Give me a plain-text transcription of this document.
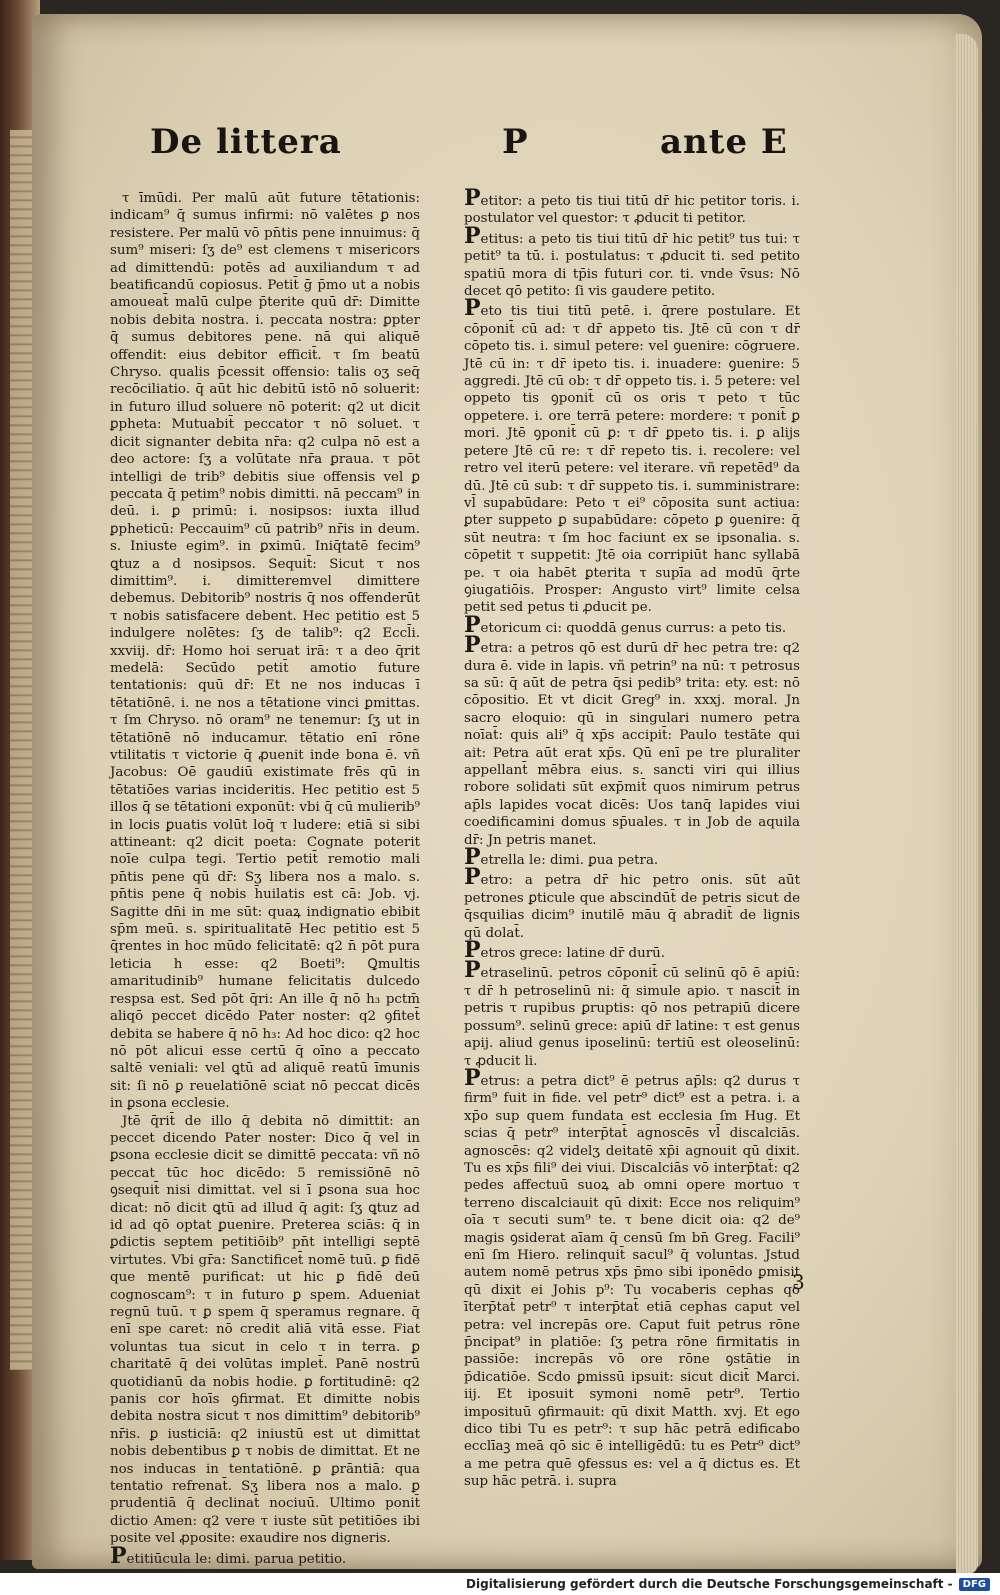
De littera	P	ante E

τ īmūdi. Per malū aūt future tētationis: indicam⁹ q̄ sumus infirmi: nō valētes ꝑ nos resistere. Per malū vō pn̄tis pene innuimus: q̄ sum⁹ miseri: ſʒ de⁹ est clemens τ misericors ad dimittendū: potēs ad auxiliandum τ ad beatificandū copiosus. Petit̄ ḡ p̄mo ut a nobis amoueat̄ malū culpe p̄terite quū dr̄: Dimitte nobis debita nostra. i. peccata nostra: ꝑpter q̄ sumus debitores pene. nā qui aliquē offendit: eius debitor efficit̄. τ ſm beatū Chryso. qualis p̄cessit offensio: talis oʒ seq̄ recōciliatio. q̄ aūt hic debitū istō nō soluerit: in futuro illud soluere nō poterit: q2 ut dicit ꝑpheta: Mutuabit̄ peccator τ nō soluet. τ dicit signanter debita nr̄a: q2 culpa nō est a deo actore: ſʒ a volūtate nr̄a ꝑraua. τ pōt intelligi de trib⁹ debitis siue offensis vel ꝑ peccata q̄ petim⁹ nobis dimitti. nā peccam⁹ in deū. i. ꝑ primū: i. nosipsos: iuxta illud ꝑpheticū: Peccauim⁹ cū patrib⁹ nr̄is in deum. s. Iniuste egim⁹. in ꝑximū. Iniq̄tatē fecim⁹ ꝗtuz a d nosipsos. Sequit̄: Sicut τ nos dimittim⁹. i. dimitteremvel dimittere debemus. Debitorib⁹ nostris q̄ nos offenderūt τ nobis satisfacere debent. Hec petitio est 5 indulgere nolētes: ſʒ de talib⁹: q2 Eccl̄i. xxviij. dr̄: Homo hoi seruat irā: τ a deo q̄rit medelā: Secūdo petit̄ amotio future tentationis: quū dr̄: Et ne nos inducas ī tētatiōnē. i. ne nos a tētatione vinci ꝑmittas. τ ſm Chryso. nō oram⁹ ne tenemur: ſʒ ut in tētatiōnē nō inducamur. tētatio enī rōne vtilitatis τ victorie q̄ ꝓuenit inde bona ē. vñ Jacobus: Oē gaudiū existimate frēs qū in tētatiōes varias incideritis. Hec petitio est 5 illos q̄ se tētationi exponūt: vbi q̄ cū mulierib⁹ in locis ꝑuatis volūt loq̄ τ ludere: etiā si sibi attineant: q2 dicit poeta: Cognate poterit noīe culpa tegi. Tertio petit̄ remotio mali pn̄tis pene qū dr̄: Sʒ libera nos a malo. s. pn̄tis pene q̄ nobis h̄uilatis est cā: Job. vj. Sagitte dn̄i in me sūt: quaꝝ indignatio ebibit sp̄m meū. s. spiritualitatē Hec petitio est 5 q̄rentes in hoc mūdo felicitatē: q2 n̄ pōt pura leticia h esse: q2 Boeti⁹: Ꝗmultis amaritudinib⁹ humane felicitatis dulcedo respsa est. Sed pōt q̄ri: An ille q̄ nō h₃ pctm̄ aliqō peccet dicēdo Pater noster: q2 ꝯfitet̄ debita se habere q̄ nō h₃: Ad hoc dico: q2 hoc nō pōt alicui esse certū q̄ oīno a peccato saltē veniali: vel ꝗtū ad aliquē reatū īmunis sit: ſi nō ꝑ reuelatiōnē sciat nō peccat dicēs in ꝑsona ecclesie.

Jtē q̄rit̄ de illo q̄ debita nō dimittit: an peccet dicendo Pater noster: Dico q̄ vel in ꝑsona ecclesie dicit se dimittē peccata: vñ nō peccat tūc hoc dicēdo: 5 remissiōnē nō ꝯsequit̄ nisi dimittat. vel si ī ꝑsona sua hoc dicat: nō dicit ꝗtū ad illud q̄ agit: ſʒ ꝗtuz ad id ad qō optat ꝑuenire. Preterea sciās: q̄ in ꝑdictis septem petitiōib⁹ pn̄t intelligi septē virtutes. Vbi gr̄a: Sanctificet̄ nomē tuū. ꝑ fidē que mentē purificat: ut hic ꝑ fidē deū cognoscam⁹: τ in futuro ꝑ spem. Adueniat regnū tuū. τ ꝑ spem q̄ speramus regnare. q̄ enī spe caret: nō credit aliā vitā esse. Fiat voluntas tua sicut in celo τ in terra. ꝑ charitatē q̄ dei volūtas implet̄. Panē nostrū quotidianū da nobis hodie. ꝑ fortitudinē: q2 panis cor hoīs ꝯfirmat. Et dimitte nobis debita nostra sicut τ nos dimittim⁹ debitorib⁹ nr̄is. ꝑ iusticiā: q2 iniustū est ut dimittat nobis debentibus ꝑ τ nobis de dimittat. Et ne nos inducas in tentatiōnē. ꝑ ꝑrāntiā: qua tentatio refrenat̄. Sʒ libera nos a malo. ꝑ prudentiā q̄ declinat̄ nociuū. Ultimo ponit̄ dictio Amen: q2 vere τ iuste sūt petitiōes ibi posite vel ꝓposite: exaudire nos digneris.

Petitiūcula le: dimi. parua petitio.

Petitor: a peto tis tiui titū dr̄ hic petitor toris. i. postulator vel questor: τ ꝓducit ti petitor.

Petitus: a peto tis tiui titū dr̄ hic petit⁹ tus tui: τ petit⁹ ta tū. i. postulatus: τ ꝓducit ti. sed petito spatiū mora di tp̄is futuri cor. ti. vnde v̄sus: Nō decet qō petito: ſi vis gaudere petito.

Peto tis tiui titū petē. i. q̄rere postulare. Et cōponit̄ cū ad: τ dr̄ appeto tis. Jtē cū con τ dr̄ cōpeto tis. i. simul petere: vel ꝯuenire: cōgruere. Jtē cū in: τ dr̄ ipeto tis. i. inuadere: ꝯuenire: 5 aggredi. Jtē cū ob: τ dr̄ oppeto tis. i. 5 petere: vel oppeto tis ꝯponit̄ cū os oris τ peto τ tūc oppetere. i. ore terrā petere: mordere: τ ponit̄ ꝑ mori. Jtē ꝯponit̄ cū ꝑ: τ dr̄ ꝑpeto tis. i. ꝑ alijs petere Jtē cū re: τ dr̄ repeto tis. i. recolere: vel retro vel iterū petere: vel iterare. vñ repetēd⁹ da dū. Jtē cū sub: τ dr̄ suppeto tis. i. sumministrare: vl̄ supabūdare: Peto τ ei⁹ cōposita sunt actiua: ꝑter suppeto ꝑ supabūdare: cōpeto ꝑ ꝯuenire: q̄ sūt neutra: τ ſm hoc faciunt ex se ipsonalia. s. cōpetit τ suppetit: Jtē oia corripiūt hanc syllabā pe. τ oia habēt ꝑterita τ supīa ad modū q̄rte ꝯiugatiōis. Prosper: Angusto virt⁹ limite celsa petit sed petus ti ꝓducit pe.

Petoricum ci: quoddā genus currus: a peto tis.

Petra: a petros qō est durū dr̄ hec petra tre: q2 dura ē. vide in lapis. vñ petrin⁹ na nū: τ petrosus sa sū: q̄ aūt de petra q̄si pedib⁹ trita: ety. est: nō cōpositio. Et vt dicit Greg⁹ in. xxxj. moral. Jn sacro eloquio: qū in singulari numero petra noīat̄: quis ali⁹ q̄ xp̄s accipit̄: Paulo testāte qui ait: Petra aūt erat xp̄s. Qū enī pe tre pluraliter appellant̄ mēbra eius. s. sancti viri qui illius robore solidati sūt exp̄mit̄ quos nimirum petrus ap̄ls lapides vocat dicēs: Uos tanq̄ lapides viui coedificamini domus sp̄uales. τ in Job de aquila dr̄: Jn petris manet.

Petrella le: dimi. ꝑua petra.

Petro: a petra dr̄ hic petro onis. sūt aūt petrones ꝑticule que abscindūt̄ de petris sicut de q̄squilias dicim⁹ inutilē māu q̄ abradit̄ de lignis qū dolat̄.

Petros grece: latine dr̄ durū.

Petraselinū. petros cōponit̄ cū selinū qō ē apiū: τ dr̄ h petroselinū ni: q̄ simule apio. τ nascit̄ in petris τ rupibus ꝑruptis: qō nos petrapiū dicere possum⁹. selinū grece: apiū dr̄ latine: τ est genus apij. aliud genus iposelinū: tertiū est oleoselinū: τ ꝓducit li.

Petrus: a petra dict⁹ ē petrus ap̄ls: q2 durus τ firm⁹ fuit in fide. vel petr⁹ dict⁹ est a petra. i. a xp̄o sup quem fundata est ecclesia ſm Hug. Et scias q̄ petr⁹ interp̄tat̄ agnoscēs vl̄ discalciās. agnoscēs: q2 videlʒ deitatē xp̄i agnouit qū dixit. Tu es xp̄s fili⁹ dei viui. Discalciās vō interp̄tat̄: q2 pedes affectuū suoꝝ ab omni opere mortuo τ terreno discalciauit qū dixit: Ecce nos reliquim⁹ oīa τ secuti sum⁹ te. τ bene dicit oia: q2 de⁹ magis ꝯsiderat aīam q̄ censū ſm bn̄ Greg. Facili⁹ enī ſm Hiero. relinquit̄ sacul⁹ q̄ voluntas. Jstud autem nomē petrus xp̄s p̄mo sibi iponēdo ꝑmisit qū dixit ei Johis p⁹: Tu vocaberis cephas qō īterp̄tat̄ petr⁹ τ interp̄tat̄ etiā cephas caput vel petra: vel increpās ore. Caput fuit petrus rōne p̄ncipat⁹ in platiōe: ſʒ petra rōne firmitatis in passiōe: increpās vō ore rōne ꝯstātie in p̄dicatiōe. Scdo ꝑmissū ipsuit: sicut dicit̄ Marci. iij. Et iposuit symoni nomē petr⁹. Tertio imposituū ꝯfirmauit: qū dixit Matth. xvj. Et ego dico tibi Tu es petr⁹: τ sup hāc petrā edificabo ecclīaꝫ meā qō sic ē intelligēdū: tu es Petr⁹ dict⁹ a me petra quē ꝯfessus es: vel a q̄ dictus es. Et sup hāc petrā. i. supra

3
Digitalisierung gefördert durch die Deutsche Forschungsgemeinschaft -	DFG
